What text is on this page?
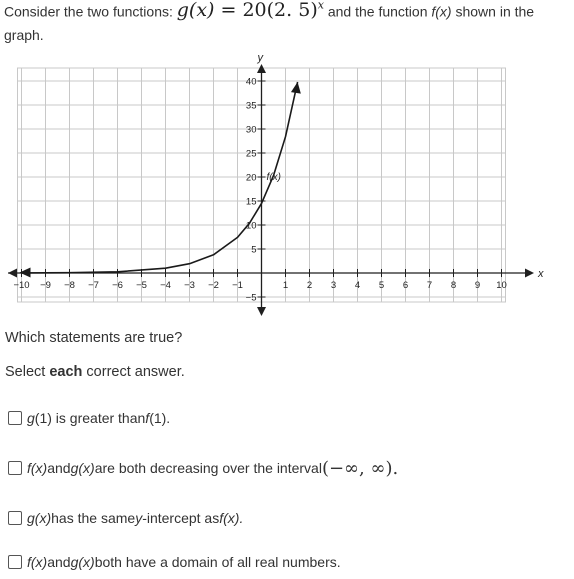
Consider the two functions: g(x) = 20(2. 5)$^x$ and the function f(x) shown in the graph.
−10 −9 −8 −7 −6 −5 −4 −3 −2 −1	1 2 3 4 5 6 7 8 9 10
−5
5
10
15
20
25
30
35
40
x
y
f(x)
Which statements are true?
Select each correct answer.
g (1) is greater than f (1).
f(x) and g(x) are both decreasing over the interval (−∞, ∞).
g(x) has the same y -intercept as f(x).
f(x) and g(x) both have a domain of all real numbers.
